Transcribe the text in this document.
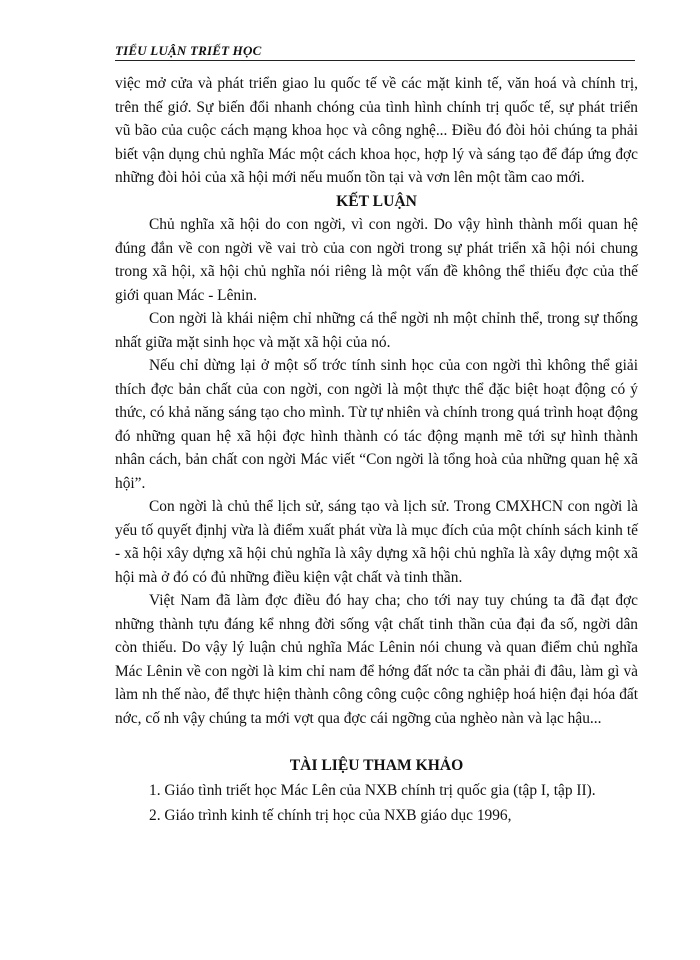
TIỂU LUẬN TRIẾT HỌC

việc mở cửa và phát triển giao lu quốc tế về các mặt kinh tế, văn hoá và chính trị, trên thế giớ. Sự biến đổi nhanh chóng của tình hình chính trị quốc tế, sự phát triển vũ bão của cuộc cách mạng khoa học và công nghệ... Điều đó đòi hỏi chúng ta phải biết vận dụng chủ nghĩa Mác một cách khoa học, hợp lý và sáng tạo để đáp ứng đợc những đòi hỏi của xã hội mới nếu muốn tồn tại và vơn lên một tầm cao mới.

KẾT LUẬN

Chủ nghĩa xã hội do con ngời, vì con ngời. Do vậy hình thành mối quan hệ đúng đắn về con ngời về vai trò của con ngời trong sự phát triển xã hội nói chung trong xã hội, xã hội chủ nghĩa nói riêng là một vấn đề không thể thiếu đợc của thế giới quan Mác - Lênin.

Con ngời là khái niệm chỉ những cá thể ngời nh một chỉnh thể, trong sự thống nhất giữa mặt sinh học và mặt xã hội của nó.

Nếu chỉ dừng lại ở một số trớc tính sinh học của con ngời thì không thể giải thích đợc bản chất của con ngời, con ngời là một thực thể đặc biệt hoạt động có ý thức, có khả năng sáng tạo cho mình. Từ tự nhiên và chính trong quá trình hoạt động đó những quan hệ xã hội đợc hình thành có tác động mạnh mẽ tới sự hình thành nhân cách, bản chất con ngời Mác viết “Con ngời là tổng hoà của những quan hệ xã hội”.

Con ngời là chủ thể lịch sử, sáng tạo và lịch sử. Trong CMXHCN con ngời là yếu tố quyết địnhj vừa là điểm xuất phát vừa là mục đích của một chính sách kinh tế - xã hội xây dựng xã hội chủ nghĩa là xây dựng xã hội chủ nghĩa là xây dựng một xã hội mà ở đó có đủ những điều kiện vật chất và tinh thần.

Việt Nam đã làm đợc điều đó hay cha; cho tới nay tuy chúng ta đã đạt đợc những thành tựu đáng kể nhng đời sống vật chất tinh thần của đại đa số, ngời dân còn thiếu. Do vậy lý luận chủ nghĩa Mác Lênin nói chung và quan điểm chủ nghĩa Mác Lênin về con ngời là kim chỉ nam để hớng đất nớc ta cần phải đi đâu, làm gì và làm nh thế nào, để thực hiện thành công công cuộc công nghiệp hoá hiện đại hóa đất nớc, cố nh vậy chúng ta mới vợt qua đợc cái ngỡng của nghèo nàn và lạc hậu...

TÀI LIỆU THAM KHẢO

1. Giáo tình triết học Mác Lên của NXB chính trị quốc gia (tập I, tập II).
2. Giáo trình kinh tế chính trị học của NXB giáo dục 1996,
